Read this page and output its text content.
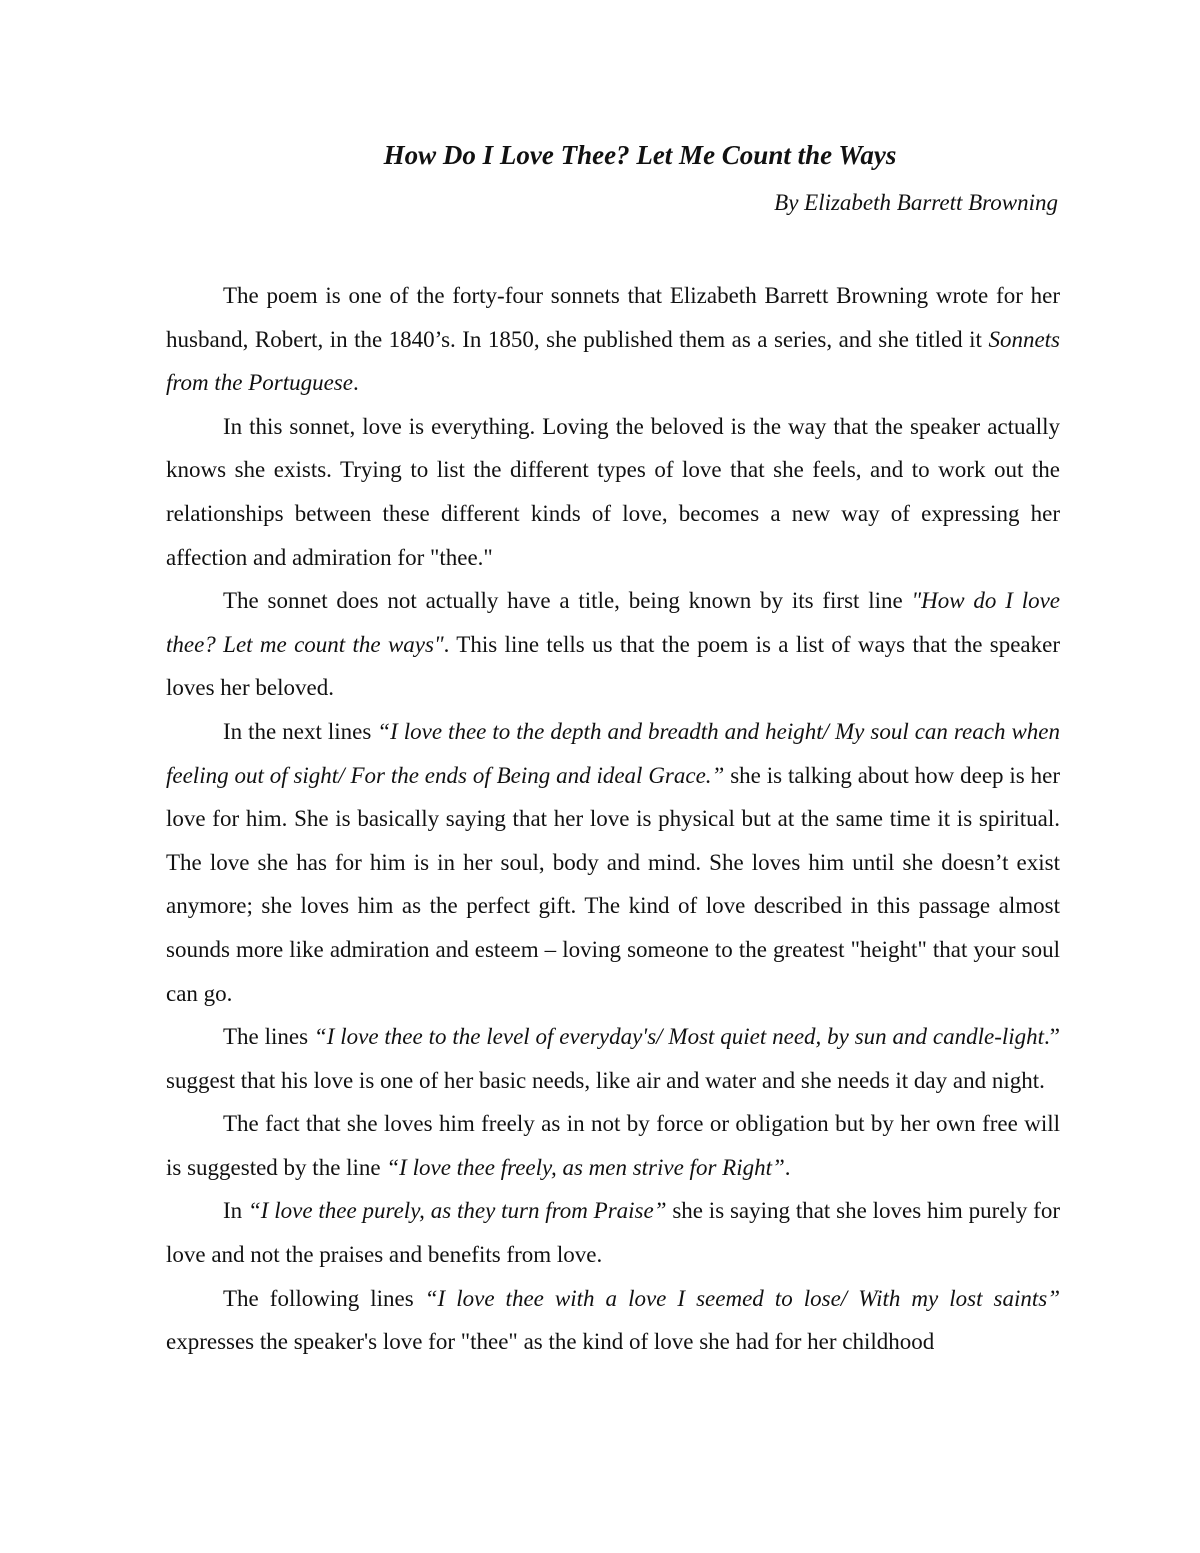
How Do I Love Thee? Let Me Count the Ways
By Elizabeth Barrett Browning

The poem is one of the forty-four sonnets that Elizabeth Barrett Browning wrote for her husband, Robert, in the 1840’s. In 1850, she published them as a series, and she titled it Sonnets from the Portuguese.

In this sonnet, love is everything. Loving the beloved is the way that the speaker actually knows she exists. Trying to list the different types of love that she feels, and to work out the relationships between these different kinds of love, becomes a new way of expressing her affection and admiration for "thee."

The sonnet does not actually have a title, being known by its first line "How do I love thee? Let me count the ways". This line tells us that the poem is a list of ways that the speaker loves her beloved.

In the next lines “I love thee to the depth and breadth and height/ My soul can reach when feeling out of sight/ For the ends of Being and ideal Grace.” she is talking about how deep is her love for him. She is basically saying that her love is physical but at the same time it is spiritual. The love she has for him is in her soul, body and mind. She loves him until she doesn’t exist anymore; she loves him as the perfect gift. The kind of love described in this passage almost sounds more like admiration and esteem – loving someone to the greatest "height" that your soul can go.

The lines “I love thee to the level of everyday's/ Most quiet need, by sun and candle-light.” suggest that his love is one of her basic needs, like air and water and she needs it day and night.

The fact that she loves him freely as in not by force or obligation but by her own free will is suggested by the line “I love thee freely, as men strive for Right”.

In “I love thee purely, as they turn from Praise” she is saying that she loves him purely for love and not the praises and benefits from love.

The following lines “I love thee with a love I seemed to lose/ With my lost saints” expresses the speaker's love for "thee" as the kind of love she had for her childhood
